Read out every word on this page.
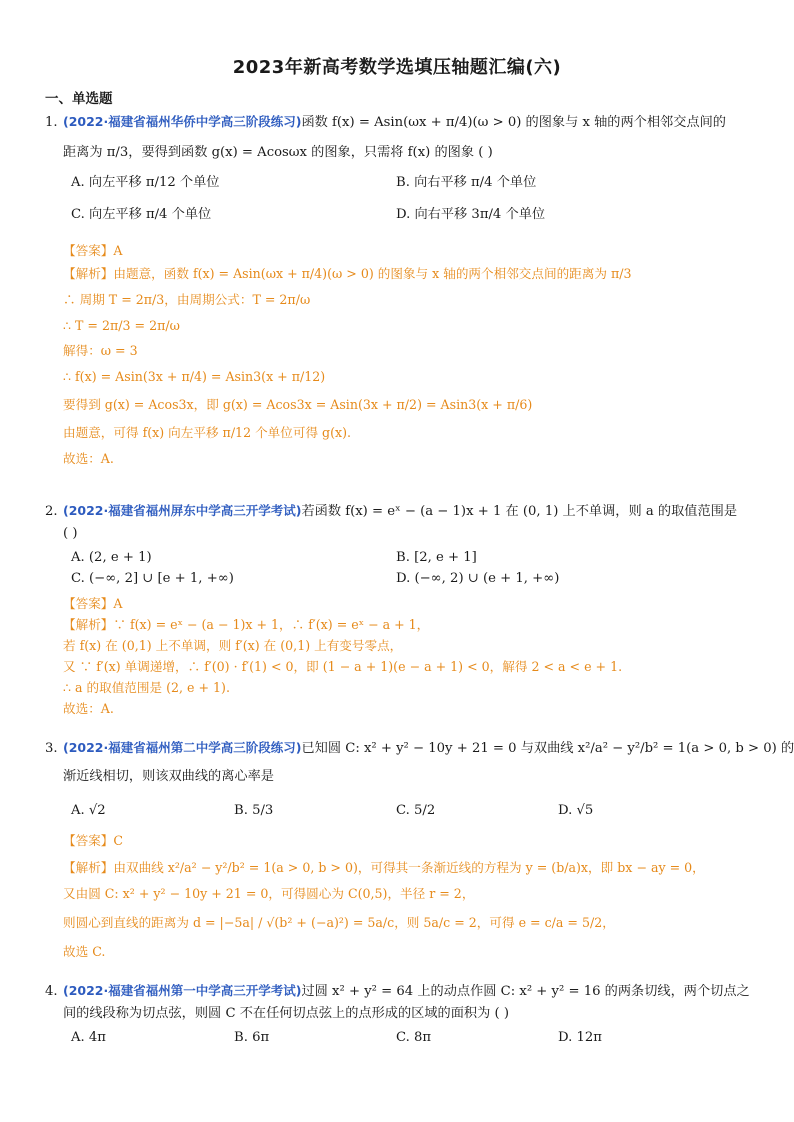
2023年新高考数学选填压轴题汇编(六)
一、单选题
1. (2022·福建省福州华侨中学高三阶段练习)函数 f(x) = Asin(ωx + π/4)(ω > 0) 的图象与 x 轴的两个相邻交点间的
距离为 π/3，要得到函数 g(x) = Acosωx 的图象，只需将 f(x) 的图象 ( )
A. 向左平移 π/12 个单位	B. 向右平移 π/4 个单位
C. 向左平移 π/4 个单位	D. 向右平移 3π/4 个单位

【答案】A

【解析】由题意，函数 f(x) = Asin(ωx + π/4)(ω > 0) 的图象与 x 轴的两个相邻交点间的距离为 π/3

∴ 周期 T = 2π/3，由周期公式：T = 2π/ω

∴ T = 2π/3 = 2π/ω

解得：ω = 3

∴ f(x) = Asin(3x + π/4) = Asin3(x + π/12)

要得到 g(x) = Acos3x，即 g(x) = Acos3x = Asin(3x + π/2) = Asin3(x + π/6)

由题意，可得 f(x) 向左平移 π/12 个单位可得 g(x).

故选：A.

2. (2022·福建省福州屏东中学高三开学考试)若函数 f(x) = eˣ − (a − 1)x + 1 在 (0, 1) 上不单调，则 a 的取值范围是
( )
A. (2, e + 1)	B. [2, e + 1]
C. (−∞, 2] ∪ [e + 1, +∞)	D. (−∞, 2) ∪ (e + 1, +∞)

【答案】A

【解析】∵ f(x) = eˣ − (a − 1)x + 1，∴ f′(x) = eˣ − a + 1，

若 f(x) 在 (0,1) 上不单调，则 f′(x) 在 (0,1) 上有变号零点，

又 ∵ f′(x) 单调递增，∴ f′(0) · f′(1) < 0，即 (1 − a + 1)(e − a + 1) < 0，解得 2 < a < e + 1.

∴ a 的取值范围是 (2, e + 1).

故选：A.

3. (2022·福建省福州第二中学高三阶段练习)已知圆 C: x² + y² − 10y + 21 = 0 与双曲线 x²/a² − y²/b² = 1(a > 0, b > 0) 的
渐近线相切，则该双曲线的离心率是
A. √2	B. 5/3	C. 5/2	D. √5

【答案】C

【解析】由双曲线 x²/a² − y²/b² = 1(a > 0, b > 0)，可得其一条渐近线的方程为 y = (b/a)x，即 bx − ay = 0，

又由圆 C: x² + y² − 10y + 21 = 0，可得圆心为 C(0,5)，半径 r = 2，

则圆心到直线的距离为 d = |−5a| / √(b² + (−a)²) = 5a/c，则 5a/c = 2，可得 e = c/a = 5/2，

故选 C.

4. (2022·福建省福州第一中学高三开学考试)过圆 x² + y² = 64 上的动点作圆 C: x² + y² = 16 的两条切线，两个切点之
间的线段称为切点弦，则圆 C 不在任何切点弦上的点形成的区域的面积为 ( )
A. 4π	B. 6π	C. 8π	D. 12π
